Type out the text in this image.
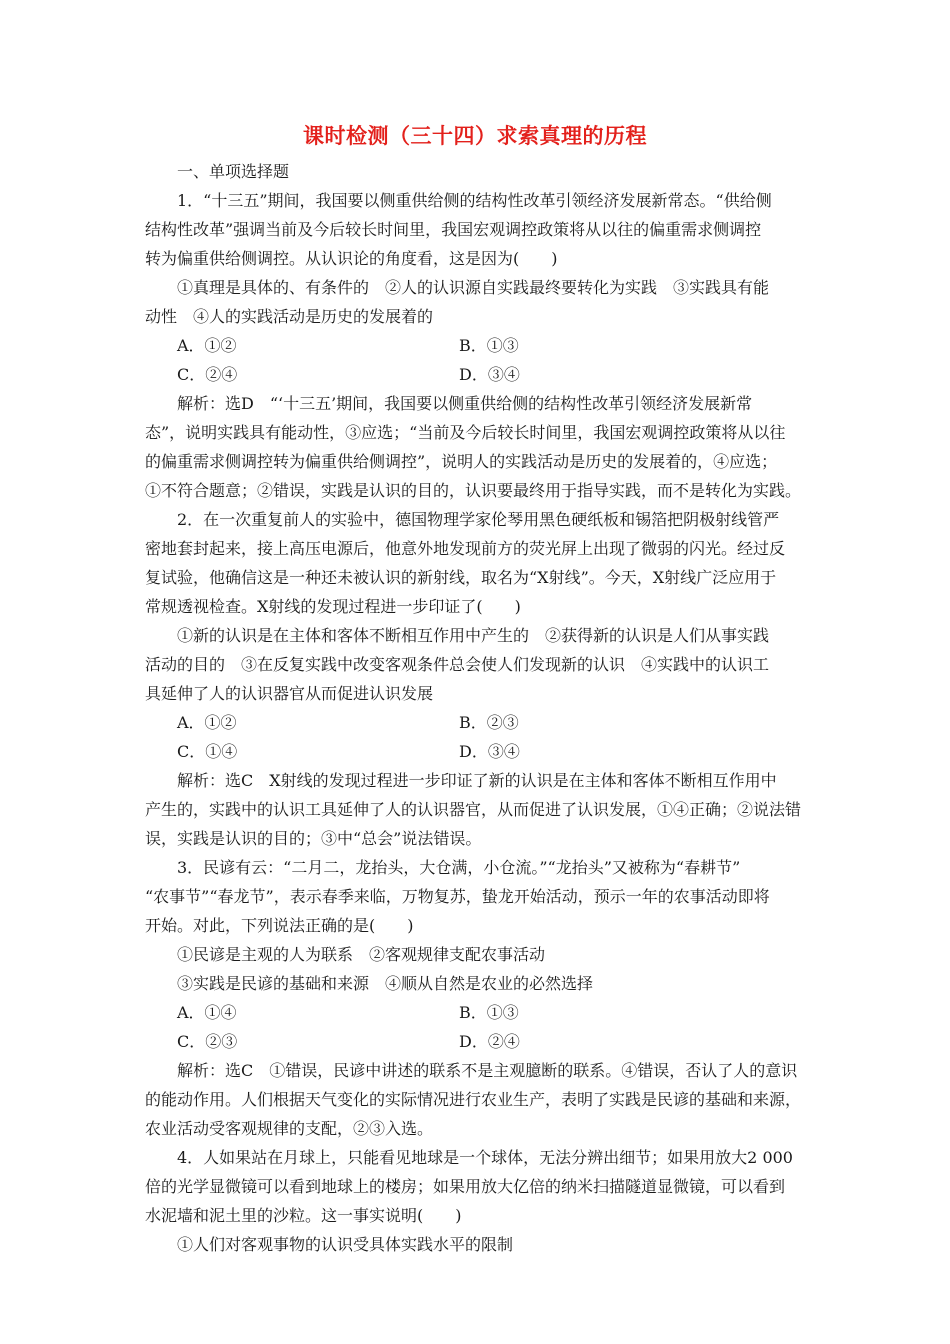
课时检测（三十四）求索真理的历程
一、单项选择题
1．“十三五”期间，我国要以侧重供给侧的结构性改革引领经济发展新常态。“供给侧
结构性改革”强调当前及今后较长时间里，我国宏观调控政策将从以往的偏重需求侧调控
转为偏重供给侧调控。从认识论的角度看，这是因为(　　)
①真理是具体的、有条件的　②人的认识源自实践最终要转化为实践　③实践具有能
动性　④人的实践活动是历史的发展着的
A．①②	B．①③
C．②④	D．③④
解析：选D　“‘十三五’期间，我国要以侧重供给侧的结构性改革引领经济发展新常
态”，说明实践具有能动性，③应选；“当前及今后较长时间里，我国宏观调控政策将从以往
的偏重需求侧调控转为偏重供给侧调控”，说明人的实践活动是历史的发展着的，④应选；
①不符合题意；②错误，实践是认识的目的，认识要最终用于指导实践，而不是转化为实践。
2．在一次重复前人的实验中，德国物理学家伦琴用黑色硬纸板和锡箔把阴极射线管严
密地套封起来，接上高压电源后，他意外地发现前方的荧光屏上出现了微弱的闪光。经过反
复试验，他确信这是一种还未被认识的新射线，取名为“X射线”。今天，X射线广泛应用于
常规透视检查。X射线的发现过程进一步印证了(　　)
①新的认识是在主体和客体不断相互作用中产生的　②获得新的认识是人们从事实践
活动的目的　③在反复实践中改变客观条件总会使人们发现新的认识　④实践中的认识工
具延伸了人的认识器官从而促进认识发展
A．①②	B．②③
C．①④	D．③④
解析：选C　X射线的发现过程进一步印证了新的认识是在主体和客体不断相互作用中
产生的，实践中的认识工具延伸了人的认识器官，从而促进了认识发展，①④正确；②说法错
误，实践是认识的目的；③中“总会”说法错误。
3．民谚有云：“二月二，龙抬头，大仓满，小仓流。”“龙抬头”又被称为“春耕节”
“农事节”“春龙节”，表示春季来临，万物复苏，蛰龙开始活动，预示一年的农事活动即将
开始。对此，下列说法正确的是(　　)
①民谚是主观的人为联系　②客观规律支配农事活动
③实践是民谚的基础和来源　④顺从自然是农业的必然选择
A．①④	B．①③
C．②③	D．②④
解析：选C　①错误，民谚中讲述的联系不是主观臆断的联系。④错误，否认了人的意识
的能动作用。人们根据天气变化的实际情况进行农业生产，表明了实践是民谚的基础和来源，
农业活动受客观规律的支配，②③入选。
4．人如果站在月球上，只能看见地球是一个球体，无法分辨出细节；如果用放大2 000
倍的光学显微镜可以看到地球上的楼房；如果用放大亿倍的纳米扫描隧道显微镜，可以看到
水泥墙和泥土里的沙粒。这一事实说明(　　)
①人们对客观事物的认识受具体实践水平的限制
